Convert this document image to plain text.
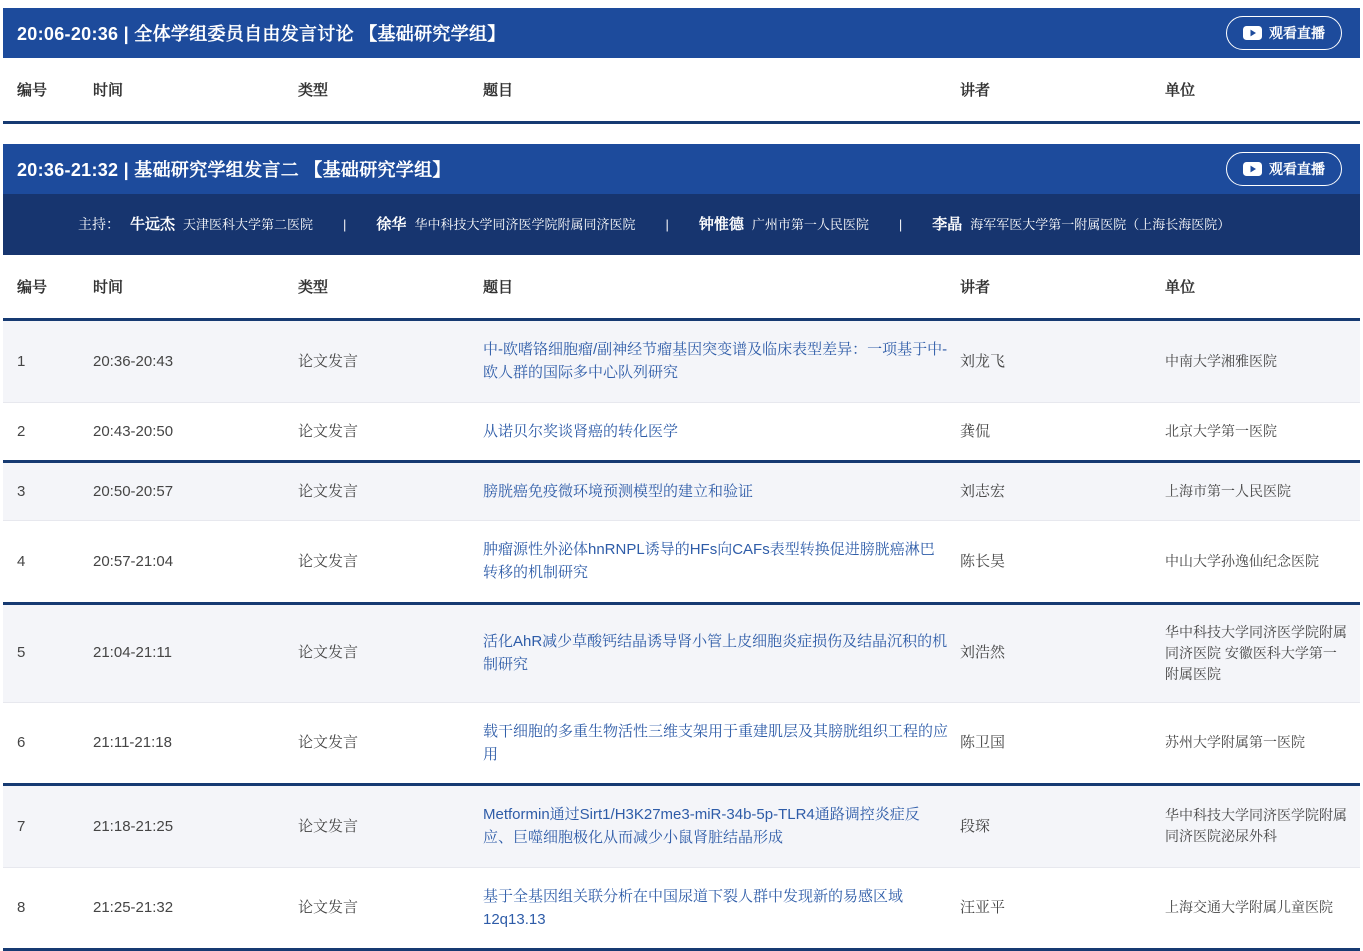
20:06-20:36 | 全体学组委员自由发言讨论 【基础研究学组】	观看直播
编号	时间	类型	题目	讲者	单位
20:36-21:32 | 基础研究学组发言二 【基础研究学组】	观看直播
主持： 牛远杰 天津医科大学第二医院 | 徐华 华中科技大学同济医学院附属同济医院 | 钟惟德 广州市第一人民医院 | 李晶 海军军医大学第一附属医院（上海长海医院）
编号	时间	类型	题目	讲者	单位
1	20:36-20:43	论文发言	中-欧嗜铬细胞瘤/副神经节瘤基因突变谱及临床表型差异：一项基于中-欧人群的国际多中心队列研究	刘龙飞	中南大学湘雅医院
2	20:43-20:50	论文发言	从诺贝尔奖谈肾癌的转化医学	龚侃	北京大学第一医院
3	20:50-20:57	论文发言	膀胱癌免疫微环境预测模型的建立和验证	刘志宏	上海市第一人民医院
4	20:57-21:04	论文发言	肿瘤源性外泌体hnRNPL诱导的HFs向CAFs表型转换促进膀胱癌淋巴转移的机制研究	陈长昊	中山大学孙逸仙纪念医院
5	21:04-21:11	论文发言	活化AhR减少草酸钙结晶诱导肾小管上皮细胞炎症损伤及结晶沉积的机制研究	刘浩然	华中科技大学同济医学院附属同济医院 安徽医科大学第一附属医院
6	21:11-21:18	论文发言	载干细胞的多重生物活性三维支架用于重建肌层及其膀胱组织工程的应用	陈卫国	苏州大学附属第一医院
7	21:18-21:25	论文发言	Metformin通过Sirt1/H3K27me3-miR-34b-5p-TLR4通路调控炎症反应、巨噬细胞极化从而减少小鼠肾脏结晶形成	段琛	华中科技大学同济医学院附属同济医院泌尿外科
8	21:25-21:32	论文发言	基于全基因组关联分析在中国尿道下裂人群中发现新的易感区域12q13.13	汪亚平	上海交通大学附属儿童医院
